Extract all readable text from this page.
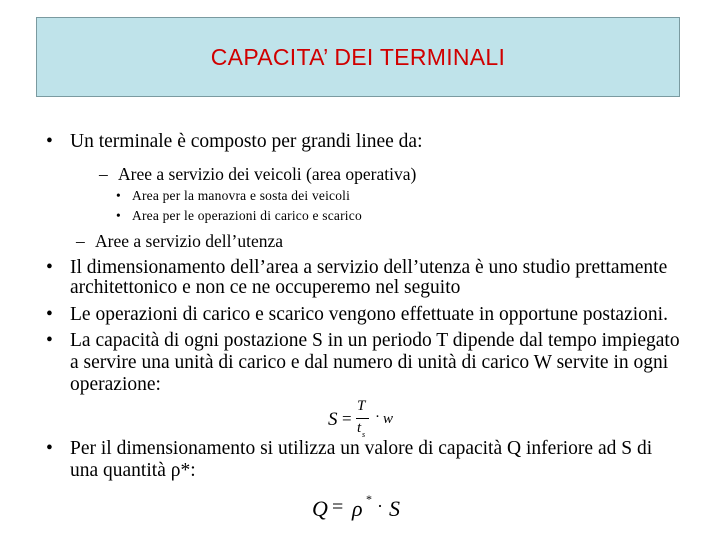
CAPACITA’ DEI TERMINALI
• Un terminale è composto per grandi linee da:
– Aree a servizio dei veicoli (area operativa)
• Area per la manovra e sosta dei veicoli
• Area per le operazioni di carico e scarico
– Aree a servizio dell’utenza
• Il dimensionamento dell’area a servizio dell’utenza è uno studio prettamente
architettonico e non ce ne occuperemo nel seguito
• Le operazioni di carico e scarico vengono effettuate in opportune postazioni.
• La capacità di ogni postazione S in un periodo T dipende dal tempo impiegato
a servire una unità di carico e dal numero di unità di carico W servite in ogni
operazione:
S =
T
t s
· w
• Per il dimensionamento si utilizza un valore di capacità Q inferiore ad S di
una quantità ρ*:
Q = ρ * · S
